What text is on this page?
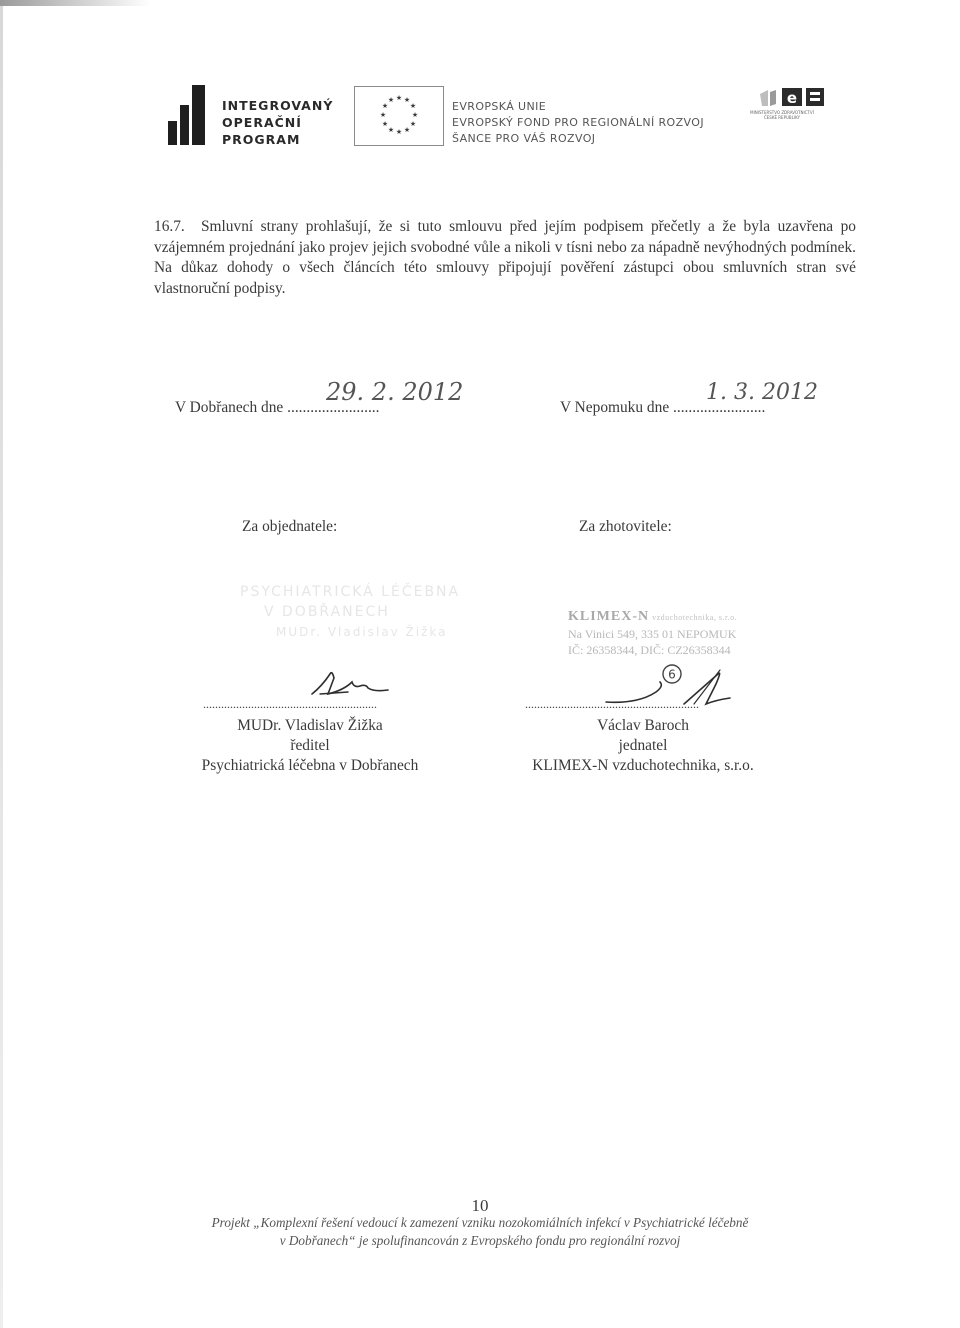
INTEGROVANÝ
OPERAČNÍ
PROGRAM
★ ★
★
★
★
★
★
★
★
★
★
★	EVROPSKÁ UNIE
EVROPSKÝ FOND PRO REGIONÁLNÍ ROZVOJ
ŠANCE PRO VÁŠ ROZVOJ
e
MINISTERSTVO ZDRAVOTNICTVÍ
ČESKÉ REPUBLIKY
16.7. Smluvní strany prohlašují, že si tuto smlouvu před jejím podpisem přečetly a že byla uzavřena po vzájemném projednání jako projev jejich svobodné vůle a nikoli v tísni nebo za nápadně nevýhodných podmínek. Na důkaz dohody o všech článcích této smlouvy připojují pověření zástupci obou smluvních stran své vlastnoruční podpisy.
V Dobřanech dne ........................
29. 2. 2012
V Nepomuku dne ........................
1. 3. 2012
Za objednatele:	Za zhotovitele:
PSYCHIATRICKÁ LÉČEBNA
V DOBŘANECH
MUDr. Vladislav Žižka
KLIMEX-N vzduchotechnika, s.r.o.
Na Vinici 549, 335 01 NEPOMUK
IČ: 26358344, DIČ: CZ26358344
6
..........................................................	..........................................................
MUDr. Vladislav Žižka
ředitel
Psychiatrická léčebna v Dobřanech
Václav Baroch
jednatel
KLIMEX-N vzduchotechnika, s.r.o.
10
Projekt „Komplexní řešení vedoucí k zamezení vzniku nozokomiálních infekcí v Psychiatrické léčebně
v Dobřanech“ je spolufinancován z Evropského fondu pro regionální rozvoj
